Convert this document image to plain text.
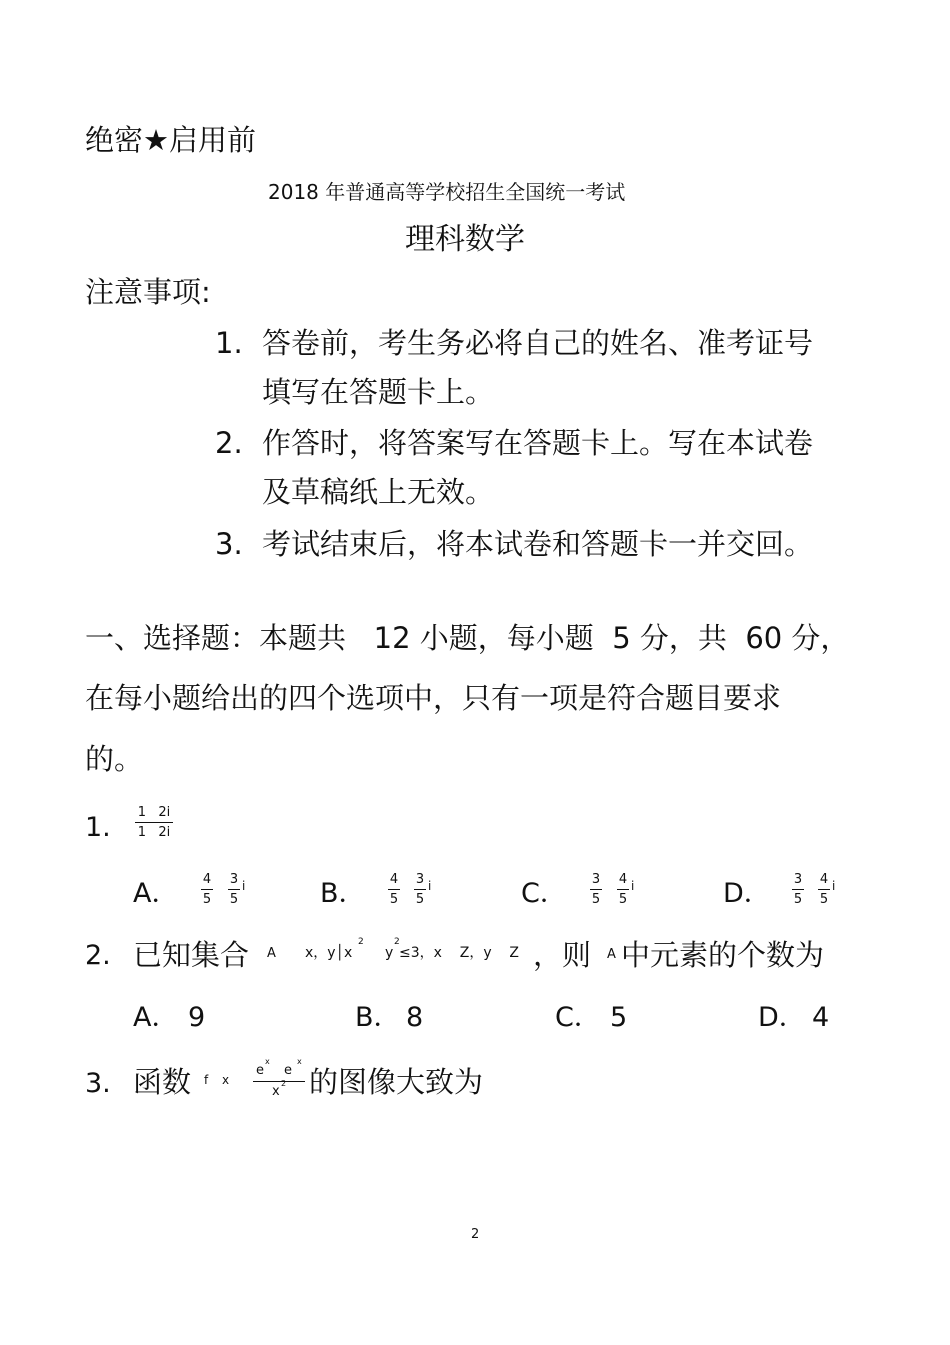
绝密★启用前
2018 年普通高等学校招生全国统一考试
理科数学
注意事项:
1. 答卷前，考生务必将自己的姓名、准考证号
填写在答题卡上。
2. 作答时，将答案写在答题卡上。写在本试卷
及草稿纸上无效。
3. 考试结束后，将本试卷和答题卡一并交回。
一、选择题：本题共   12 小题，每小题  5 分，共  60 分，
在每小题给出的四个选项中，只有一项是符合题目要求
的。
1. 1   2i
1   2i
A． 4
5
3
5
i	B． 4
5
3
5
i	C． 3
5
4
5
i	D． 3
5
4
5
i
2. 已知集合 A x，y│x
2
y
2
≤3，x    Z，y    Z ，则 A 中元素的个数为
A． 9	B． 8	C． 5	D． 4
3. 函数 f x
e
x
e
x
x
2 的图像大致为
2
